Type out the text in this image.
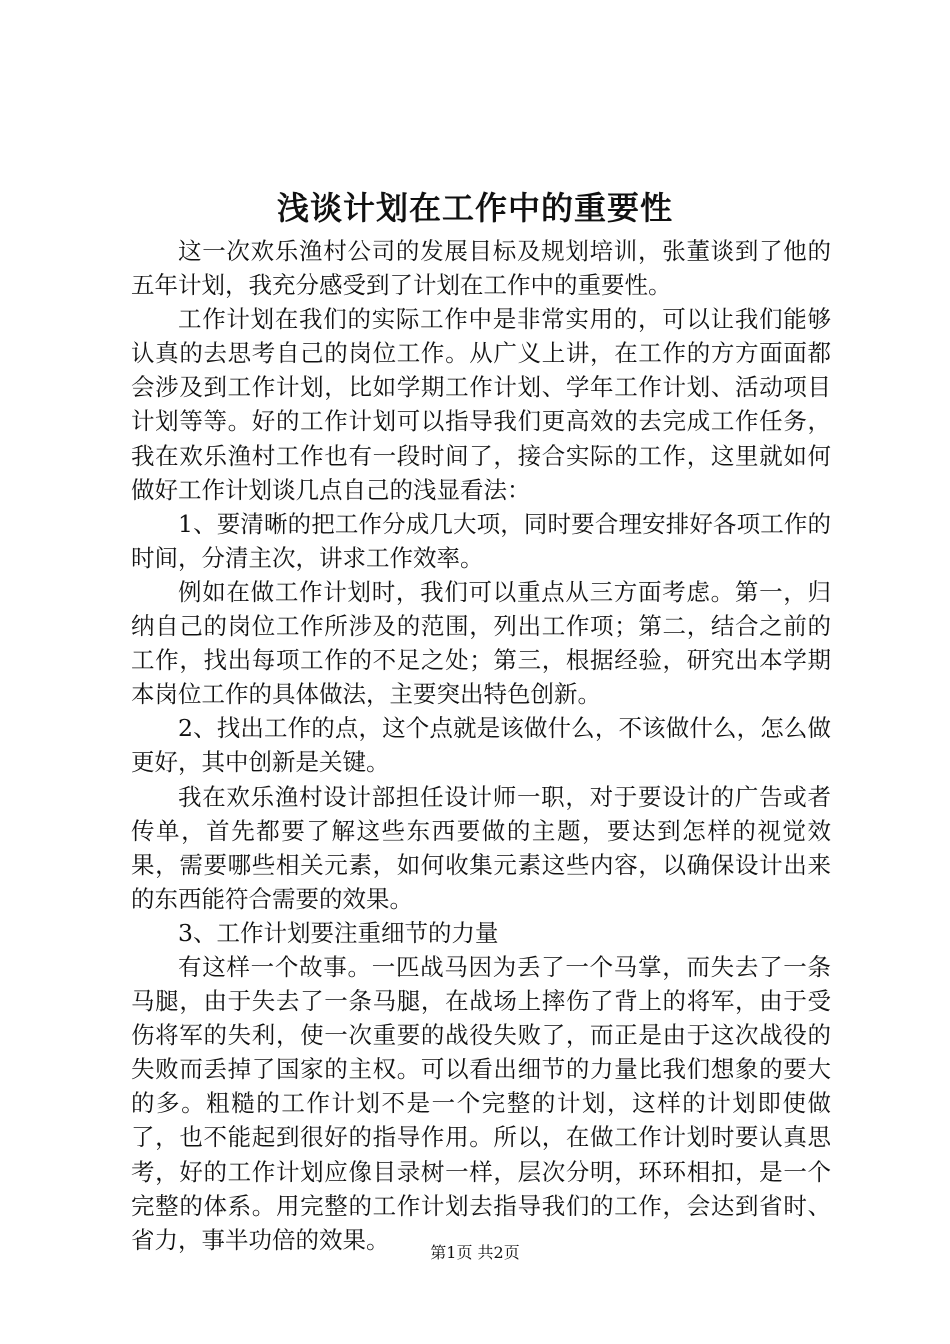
浅谈计划在工作中的重要性

这一次欢乐渔村公司的发展目标及规划培训，张董谈到了他的五年计划，我充分感受到了计划在工作中的重要性。

工作计划在我们的实际工作中是非常实用的，可以让我们能够认真的去思考自己的岗位工作。从广义上讲，在工作的方方面面都会涉及到工作计划，比如学期工作计划、学年工作计划、活动项目计划等等。好的工作计划可以指导我们更高效的去完成工作任务，我在欢乐渔村工作也有一段时间了，接合实际的工作，这里就如何做好工作计划谈几点自己的浅显看法：

1、要清晰的把工作分成几大项，同时要合理安排好各项工作的时间，分清主次，讲求工作效率。

例如在做工作计划时，我们可以重点从三方面考虑。第一，归纳自己的岗位工作所涉及的范围，列出工作项；第二，结合之前的工作，找出每项工作的不足之处；第三，根据经验，研究出本学期本岗位工作的具体做法，主要突出特色创新。

2、找出工作的点，这个点就是该做什么，不该做什么，怎么做更好，其中创新是关键。

我在欢乐渔村设计部担任设计师一职，对于要设计的广告或者传单，首先都要了解这些东西要做的主题，要达到怎样的视觉效果，需要哪些相关元素，如何收集元素这些内容，以确保设计出来的东西能符合需要的效果。

3、工作计划要注重细节的力量

有这样一个故事。一匹战马因为丢了一个马掌，而失去了一条马腿，由于失去了一条马腿，在战场上摔伤了背上的将军，由于受伤将军的失利，使一次重要的战役失败了，而正是由于这次战役的失败而丢掉了国家的主权。可以看出细节的力量比我们想象的要大的多。粗糙的工作计划不是一个完整的计划，这样的计划即使做了，也不能起到很好的指导作用。所以，在做工作计划时要认真思考，好的工作计划应像目录树一样，层次分明，环环相扣，是一个完整的体系。用完整的工作计划去指导我们的工作，会达到省时、省力，事半功倍的效果。	第1页 共2页
